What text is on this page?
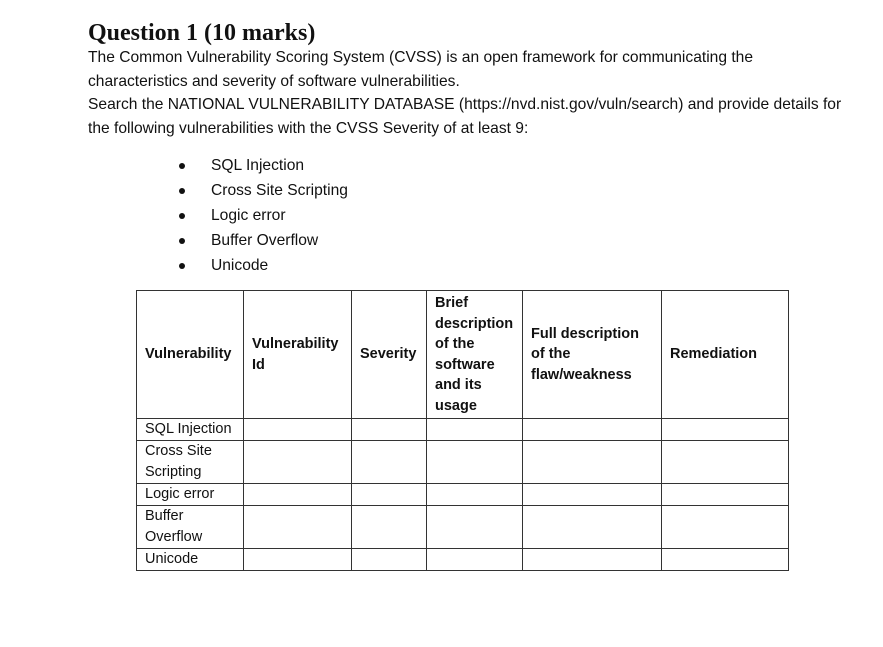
Question 1 (10 marks)

The Common Vulnerability Scoring System (CVSS) is an open framework for communicating the characteristics and severity of software vulnerabilities.

Search the NATIONAL VULNERABILITY DATABASE (https://nvd.nist.gov/vuln/search) and provide details for the following vulnerabilities with the CVSS Severity of at least 9:

SQL Injection
Cross Site Scripting
Logic error
Buffer Overflow
Unicode
Vulnerability	Vulnerability Id	Severity	Brief description of the software and its usage	Full description of the flaw/weakness	Remediation
SQL Injection					
Cross Site Scripting					
Logic error					
Buffer Overflow					
Unicode					
